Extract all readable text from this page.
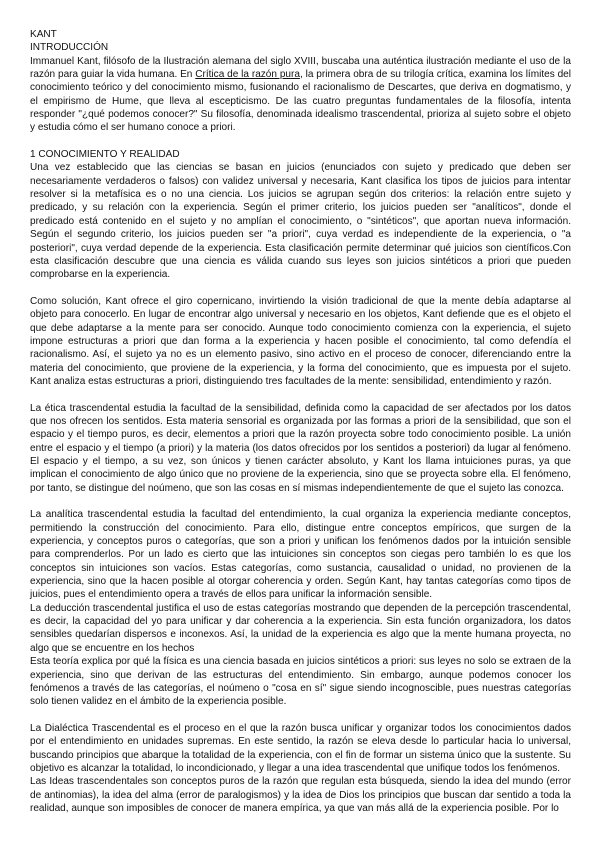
KANT
INTRODUCCIÓN

Immanuel Kant, filósofo de la Ilustración alemana del siglo XVIII, buscaba una auténtica ilustración mediante el uso de la razón para guiar la vida humana. En Crítica de la razón pura, la primera obra de su trilogía crítica, examina los límites del conocimiento teórico y del conocimiento mismo, fusionando el racionalismo de Descartes, que deriva en dogmatismo, y el empirismo de Hume, que lleva al escepticismo. De las cuatro preguntas fundamentales de la filosofía, intenta responder "¿qué podemos conocer?" Su filosofía, denominada idealismo trascendental, prioriza al sujeto sobre el objeto y estudia cómo el ser humano conoce a priori.

1 CONOCIMIENTO Y REALIDAD

Una vez establecido que las ciencias se basan en juicios (enunciados con sujeto y predicado que deben ser necesariamente verdaderos o falsos) con validez universal y necesaria, Kant clasifica los tipos de juicios para intentar resolver si la metafísica es o no una ciencia. Los juicios se agrupan según dos criterios: la relación entre sujeto y predicado, y su relación con la experiencia. Según el primer criterio, los juicios pueden ser "analíticos", donde el predicado está contenido en el sujeto y no amplían el conocimiento, o "sintéticos", que aportan nueva información. Según el segundo criterio, los juicios pueden ser "a priori", cuya verdad es independiente de la experiencia, o "a posteriori", cuya verdad depende de la experiencia. Esta clasificación permite determinar qué juicios son científicos.Con esta clasificación descubre que una ciencia es válida cuando sus leyes son juicios sintéticos a priori que pueden comprobarse en la experiencia.

Como solución, Kant ofrece el giro copernicano, invirtiendo la visión tradicional de que la mente debía adaptarse al objeto para conocerlo. En lugar de encontrar algo universal y necesario en los objetos, Kant defiende que es el objeto el que debe adaptarse a la mente para ser conocido. Aunque todo conocimiento comienza con la experiencia, el sujeto impone estructuras a priori que dan forma a la experiencia y hacen posible el conocimiento, tal como defendía el racionalismo. Así, el sujeto ya no es un elemento pasivo, sino activo en el proceso de conocer, diferenciando entre la materia del conocimiento, que proviene de la experiencia, y la forma del conocimiento, que es impuesta por el sujeto. Kant analiza estas estructuras a priori, distinguiendo tres facultades de la mente: sensibilidad, entendimiento y razón.

La ética trascendental estudia la facultad de la sensibilidad, definida como la capacidad de ser afectados por los datos que nos ofrecen los sentidos. Esta materia sensorial es organizada por las formas a priori de la sensibilidad, que son el espacio y el tiempo puros, es decir, elementos a priori que la razón proyecta sobre todo conocimiento posible. La unión entre el espacio y el tiempo (a priori) y la materia (los datos ofrecidos por los sentidos a posteriori) da lugar al fenómeno. El espacio y el tiempo, a su vez, son únicos y tienen carácter absoluto, y Kant los llama intuiciones puras, ya que implican el conocimiento de algo único que no proviene de la experiencia, sino que se proyecta sobre ella. El fenómeno, por tanto, se distingue del noúmeno, que son las cosas en sí mismas independientemente de que el sujeto las conozca.

La analítica trascendental estudia la facultad del entendimiento, la cual organiza la experiencia mediante conceptos, permitiendo la construcción del conocimiento. Para ello, distingue entre conceptos empíricos, que surgen de la experiencia, y conceptos puros o categorías, que son a priori y unifican los fenómenos dados por la intuición sensible para comprenderlos. Por un lado es cierto que las intuiciones sin conceptos son ciegas pero también lo es que los conceptos sin intuiciones son vacíos. Estas categorías, como sustancia, causalidad o unidad, no provienen de la experiencia, sino que la hacen posible al otorgar coherencia y orden. Según Kant, hay tantas categorías como tipos de juicios, pues el entendimiento opera a través de ellos para unificar la información sensible.

La deducción trascendental justifica el uso de estas categorías mostrando que dependen de la percepción trascendental, es decir, la capacidad del yo para unificar y dar coherencia a la experiencia. Sin esta función organizadora, los datos sensibles quedarían dispersos e inconexos. Así, la unidad de la experiencia es algo que la mente humana proyecta, no algo que se encuentre en los hechos

Esta teoría explica por qué la física es una ciencia basada en juicios sintéticos a priori: sus leyes no solo se extraen de la experiencia, sino que derivan de las estructuras del entendimiento. Sin embargo, aunque podemos conocer los fenómenos a través de las categorías, el noúmeno o "cosa en sí" sigue siendo incognoscible, pues nuestras categorías solo tienen validez en el ámbito de la experiencia posible.

La Dialéctica Trascendental es el proceso en el que la razón busca unificar y organizar todos los conocimientos dados por el entendimiento en unidades supremas. En este sentido, la razón se eleva desde lo particular hacia lo universal, buscando principios que abarque la totalidad de la experiencia, con el fin de formar un sistema único que la sustente. Su objetivo es alcanzar la totalidad, lo incondicionado, y llegar a una idea trascendental que unifique todos los fenómenos.

Las Ideas trascendentales son conceptos puros de la razón que regulan esta búsqueda, siendo la idea del mundo (error de antinomias), la idea del alma (error de paralogismos) y la idea de Dios los principios que buscan dar sentido a toda la realidad, aunque son imposibles de conocer de manera empírica, ya que van más allá de la experiencia posible. Por lo
